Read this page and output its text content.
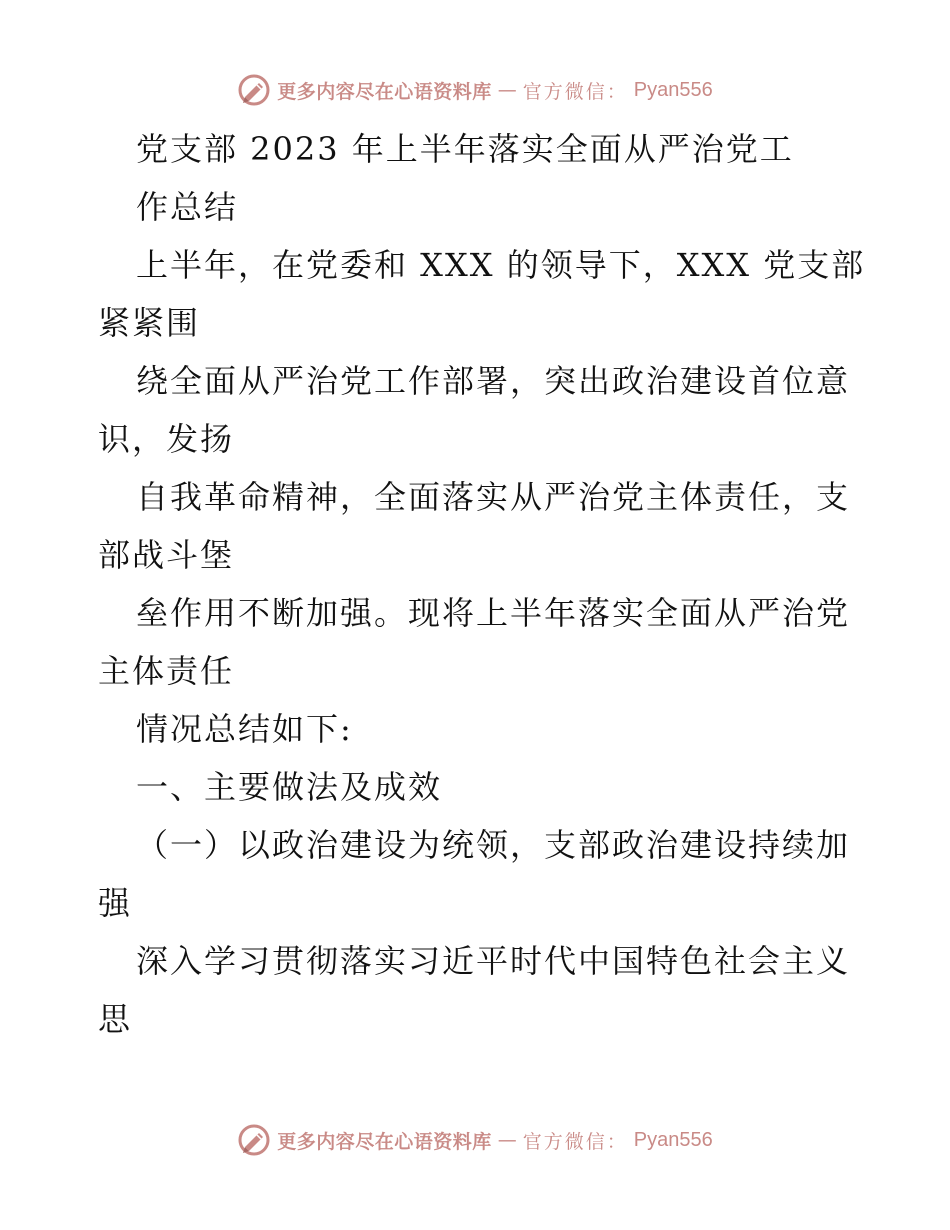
更多内容尽在心语资料库 — 官方微信： Pyan556
党支部 2023 年上半年落实全面从严治党工
作总结
上半年，在党委和 XXX 的领导下，XXX 党支部
紧紧围
绕全面从严治党工作部署，突出政治建设首位意
识，发扬
自我革命精神，全面落实从严治党主体责任，支
部战斗堡
垒作用不断加强。现将上半年落实全面从严治党
主体责任
情况总结如下:
一、主要做法及成效
（一）以政治建设为统领，支部政治建设持续加
强
深入学习贯彻落实习近平时代中国特色社会主义
思
更多内容尽在心语资料库 — 官方微信： Pyan556
